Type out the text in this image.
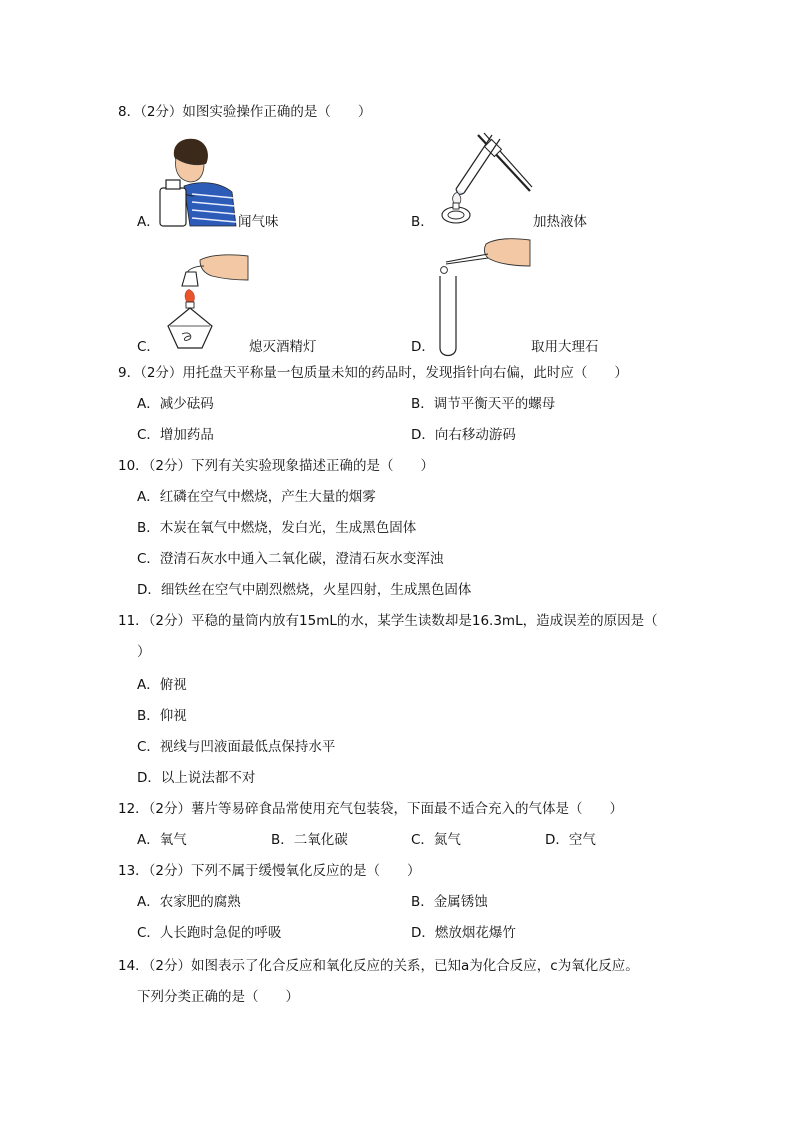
8．（2分）如图实验操作正确的是（　　）
A．	闻气味	B．	加热液体
C．	熄灭酒精灯	D．	取用大理石
9．（2分）用托盘天平称量一包质量未知的药品时，发现指针向右偏，此时应（　　）
A．减少砝码	B．调节平衡天平的螺母
C．增加药品	D．向右移动游码
10．（2分）下列有关实验现象描述正确的是（　　）
A．红磷在空气中燃烧，产生大量的烟雾
B．木炭在氧气中燃烧，发白光，生成黑色固体
C．澄清石灰水中通入二氧化碳，澄清石灰水变浑浊
D．细铁丝在空气中剧烈燃烧，火星四射，生成黑色固体
11．（2分）平稳的量筒内放有15mL的水，某学生读数却是16.3mL，造成误差的原因是（
）
A．俯视
B．仰视
C．视线与凹液面最低点保持水平
D．以上说法都不对
12．（2分）薯片等易碎食品常使用充气包装袋，下面最不适合充入的气体是（　　）
A．氧气	B．二氧化碳	C．氮气	D．空气
13．（2分）下列不属于缓慢氧化反应的是（　　）
A．农家肥的腐熟	B．金属锈蚀
C．人长跑时急促的呼吸	D．燃放烟花爆竹
14．（2分）如图表示了化合反应和氧化反应的关系，已知a为化合反应，c为氧化反应。
下列分类正确的是（　　）
